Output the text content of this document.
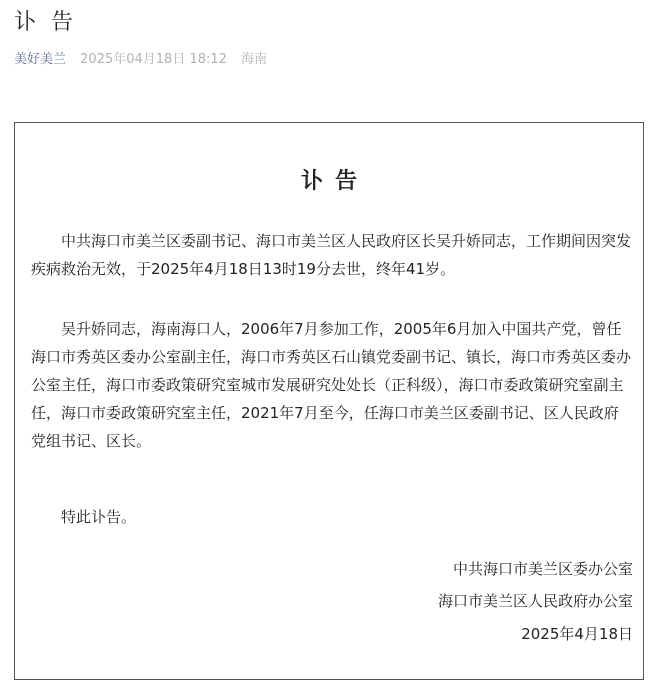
讣 告
美好美兰 2025年04月18日 18:12 海南
讣告

中共海口市美兰区委副书记、海口市美兰区人民政府区长吴升娇同志，工作期间因突发疾病救治无效，于2025年4月18日13时19分去世，终年41岁。

吴升娇同志，海南海口人，2006年7月参加工作，2005年6月加入中国共产党，曾任海口市秀英区委办公室副主任，海口市秀英区石山镇党委副书记、镇长，海口市秀英区委办公室主任，海口市委政策研究室城市发展研究处处长（正科级），海口市委政策研究室副主任，海口市委政策研究室主任，2021年7月至今，任海口市美兰区委副书记、区人民政府党组书记、区长。

特此讣告。

中共海口市美兰区委办公室
海口市美兰区人民政府办公室
2025年4月18日
